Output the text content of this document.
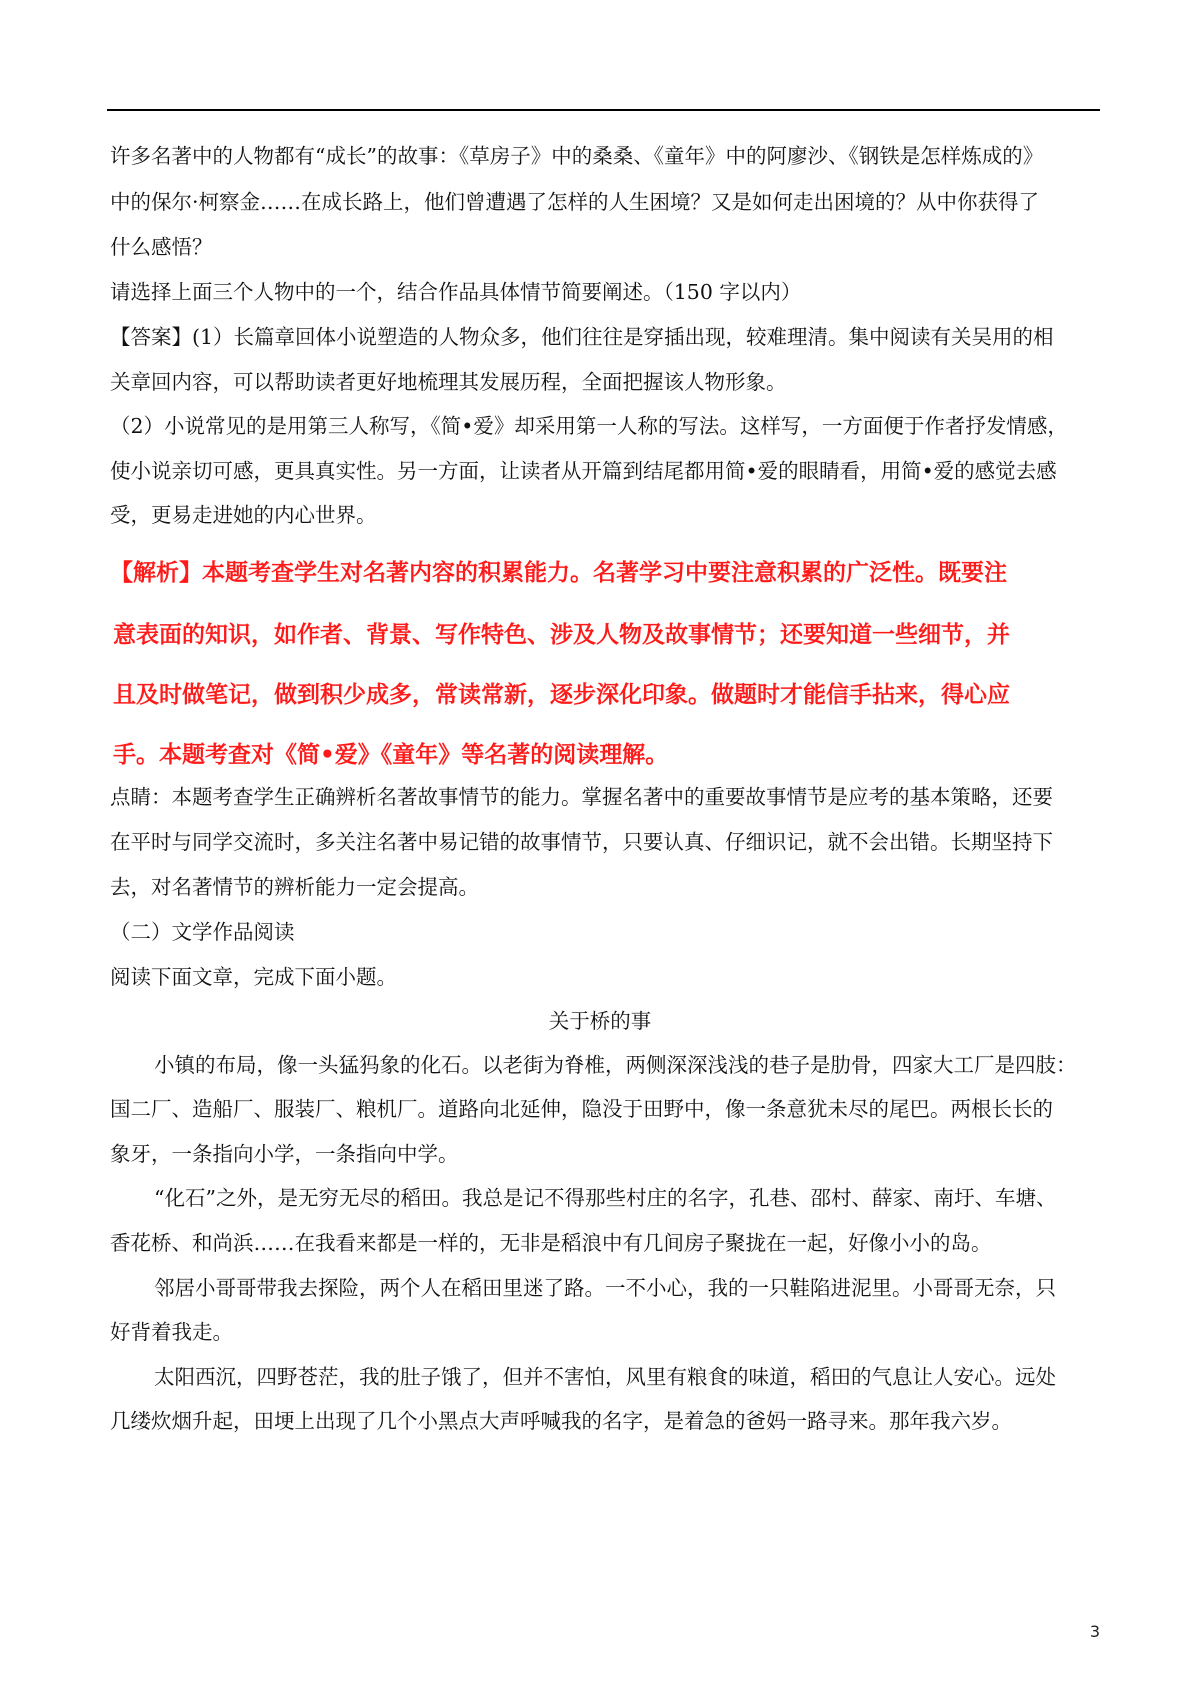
许多名著中的人物都有“成长”的故事：《草房子》中的桑桑、《童年》中的阿廖沙、《钢铁是怎样炼成的》
中的保尔·柯察金……在成长路上，他们曾遭遇了怎样的人生困境？又是如何走出困境的？从中你获得了
什么感悟？
请选择上面三个人物中的一个，结合作品具体情节简要阐述。（150 字以内）
【答案】(1）长篇章回体小说塑造的人物众多，他们往往是穿插出现，较难理清。集中阅读有关吴用的相
关章回内容，可以帮助读者更好地梳理其发展历程，全面把握该人物形象。
（2）小说常见的是用第三人称写，《简•爱》却采用第一人称的写法。这样写，一方面便于作者抒发情感，
使小说亲切可感，更具真实性。另一方面，让读者从开篇到结尾都用简•爱的眼睛看，用简•爱的感觉去感
受，更易走进她的内心世界。
【解析】本题考查学生对名著内容的积累能力。名著学习中要注意积累的广泛性。既要注
意表面的知识，如作者、背景、写作特色、涉及人物及故事情节；还要知道一些细节，并
且及时做笔记，做到积少成多，常读常新，逐步深化印象。做题时才能信手拈来，得心应
手。本题考查对《简•爱》《童年》等名著的阅读理解。
点睛：本题考查学生正确辨析名著故事情节的能力。掌握名著中的重要故事情节是应考的基本策略，还要
在平时与同学交流时，多关注名著中易记错的故事情节，只要认真、仔细识记，就不会出错。长期坚持下
去，对名著情节的辨析能力一定会提高。
（二）文学作品阅读
阅读下面文章，完成下面小题。
关于桥的事
小镇的布局，像一头猛犸象的化石。以老街为脊椎，两侧深深浅浅的巷子是肋骨，四家大工厂是四肢：
国二厂、造船厂、服装厂、粮机厂。道路向北延伸，隐没于田野中，像一条意犹未尽的尾巴。两根长长的
象牙，一条指向小学，一条指向中学。
“化石”之外，是无穷无尽的稻田。我总是记不得那些村庄的名字，孔巷、邵村、薛家、南圩、车塘、
香花桥、和尚浜……在我看来都是一样的，无非是稻浪中有几间房子聚拢在一起，好像小小的岛。
邻居小哥哥带我去探险，两个人在稻田里迷了路。一不小心，我的一只鞋陷进泥里。小哥哥无奈，只
好背着我走。
太阳西沉，四野苍茫，我的肚子饿了，但并不害怕，风里有粮食的味道，稻田的气息让人安心。远处
几缕炊烟升起，田埂上出现了几个小黑点大声呼喊我的名字，是着急的爸妈一路寻来。那年我六岁。
3
